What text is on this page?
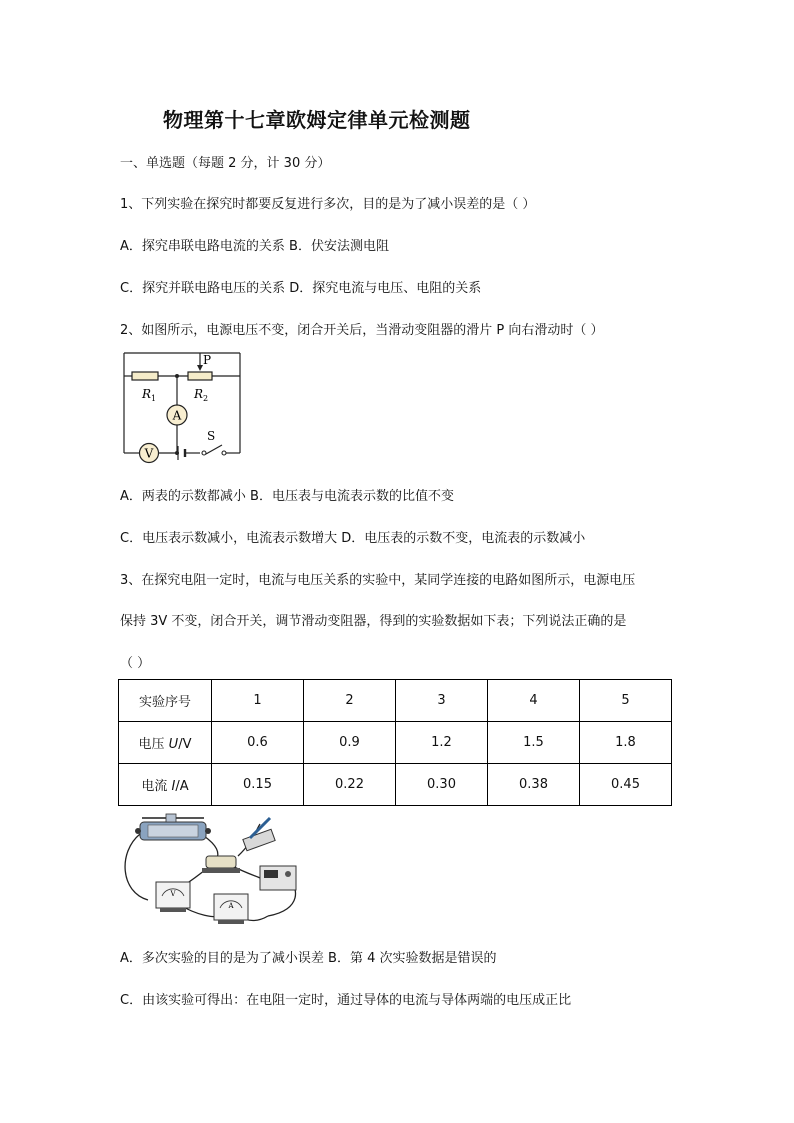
物理第十七章欧姆定律单元检测题
一、单选题（每题 2 分，计 30 分）
1、下列实验在探究时都要反复进行多次，目的是为了减小误差的是（ ）
A．探究串联电路电流的关系 B．伏安法测电阻
C．探究并联电路电压的关系 D．探究电流与电压、电阻的关系
2、如图所示，电源电压不变，闭合开关后，当滑动变阻器的滑片 P 向右滑动时（ ）
A
V
P
$R_1$	$R_2$
S
A．两表的示数都减小 B．电压表与电流表示数的比值不变
C．电压表示数减小，电流表示数增大 D．电压表的示数不变，电流表的示数减小
3、在探究电阻一定时，电流与电压关系的实验中，某同学连接的电路如图所示，电源电压
保持 3V 不变，闭合开关，调节滑动变阻器，得到的实验数据如下表；下列说法正确的是
（ ）
实验序号	1	2	3	4	5
电压 U/V	0.6	0.9	1.2	1.5	1.8
电流 I/A	0.15	0.22	0.30	0.38	0.45
V
A
A．多次实验的目的是为了减小误差 B．第 4 次实验数据是错误的
C．由该实验可得出：在电阻一定时，通过导体的电流与导体两端的电压成正比
